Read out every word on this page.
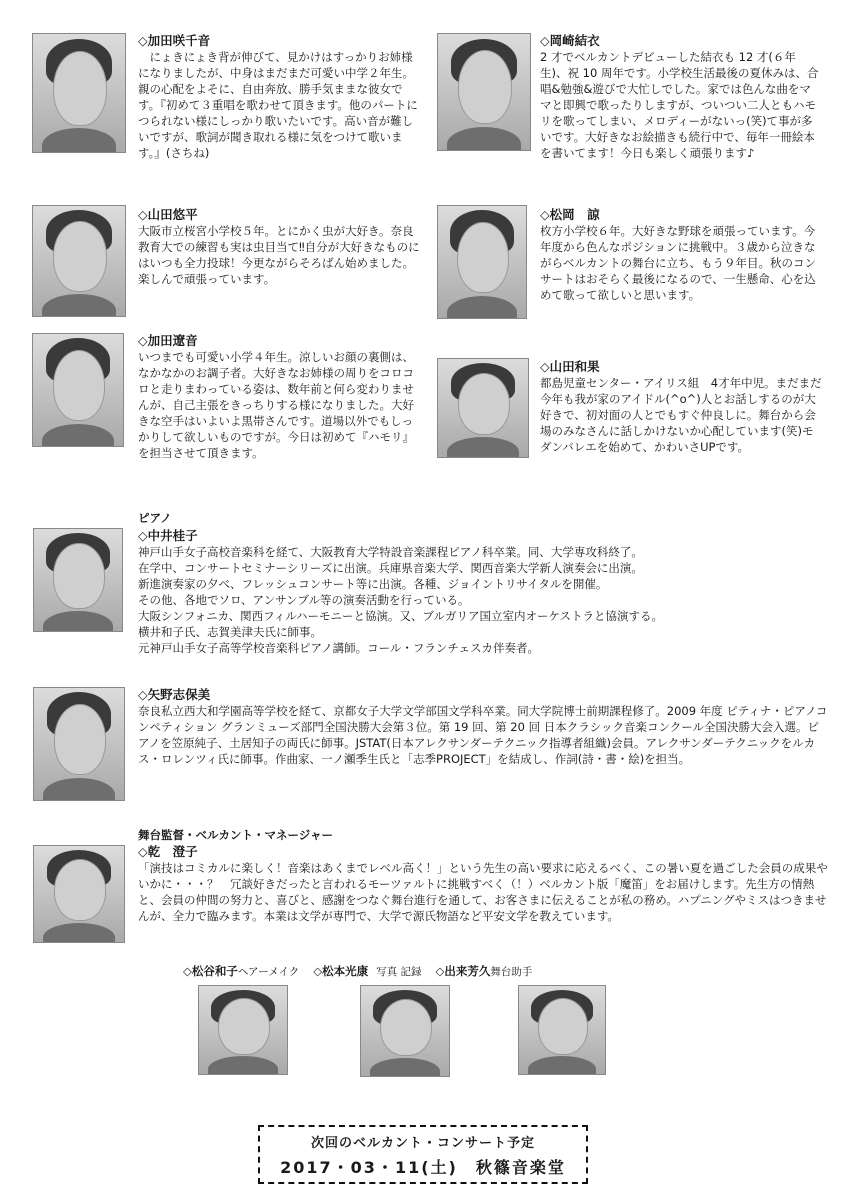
◇加田咲千音
　にょきにょき背が伸びて、見かけはすっかりお姉様になりましたが、中身はまだまだ可愛い中学２年生。親の心配をよそに、自由奔放、勝手気ままな彼女です。『初めて３重唱を歌わせて頂きます。他のパートにつられない様にしっかり歌いたいです。高い音が難しいですが、歌詞が聞き取れる様に気をつけて歌います。』(さちね)
◇岡崎結衣
2 才でベルカントデビューした結衣も 12 才(６年生)、祝 10 周年です。小学校生活最後の夏休みは、合唱&勉強&遊びで大忙しでした。家では色んな曲をママと即興で歌ったりしますが、ついつい二人ともハモリを歌ってしまい、メロディーがないっ(笑)て事が多いです。大好きなお絵描きも続行中で、毎年一冊絵本を書いてます！今日も楽しく頑張ります♪
◇山田悠平
大阪市立桜宮小学校５年。とにかく虫が大好き。奈良教育大での練習も実は虫目当て‼自分が大好きなものにはいつも全力投球！今更ながらそろばん始めました。楽しんで頑張っています。
◇松岡　諒
枚方小学校６年。大好きな野球を頑張っています。今年度から色んなポジションに挑戦中。３歳から泣きながらベルカントの舞台に立ち、もう９年目。秋のコンサートはおそらく最後になるので、一生懸命、心を込めて歌って欲しいと思います。
◇加田遼音
いつまでも可愛い小学４年生。涼しいお顔の裏側は、なかなかのお調子者。大好きなお姉様の周りをコロコロと走りまわっている姿は、数年前と何ら変わりませんが、自己主張をきっちりする様になりました。大好きな空手はいよいよ黒帯さんです。道場以外でもしっかりして欲しいものですが。今日は初めて『ハモリ』を担当させて頂きます。
◇山田和果
都島児童センター・アイリス組　4才年中児。まだまだ今年も我が家のアイドル(^o^)人とお話しするのが大好きで、初対面の人とでもすぐ仲良しに。舞台から会場のみなさんに話しかけないか心配しています(笑)モダンバレエを始めて、かわいさUPです。
ピアノ
◇中井桂子
神戸山手女子高校音楽科を経て、大阪教育大学特設音楽課程ピアノ科卒業。同、大学専攻科終了。
在学中、コンサートセミナーシリーズに出演。兵庫県音楽大学、関西音楽大学新人演奏会に出演。
新進演奏家の夕べ、フレッシュコンサート等に出演。各種、ジョイントリサイタルを開催。
その他、各地でソロ、アンサンブル等の演奏活動を行っている。
大阪シンフォニカ、関西フィルハーモニーと協演。又、ブルガリア国立室内オーケストラと協演する。
横井和子氏、志賀美津夫氏に師事。
元神戸山手女子高等学校音楽科ピアノ講師。コール・フランチェスカ伴奏者。
◇矢野志保美
奈良私立西大和学園高等学校を経て、京都女子大学文学部国文学科卒業。同大学院博士前期課程修了。2009 年度 ピティナ・ピアノコンペティション グランミューズ部門全国決勝大会第３位。第 19 回、第 20 回 日本クラシック音楽コンクール全国決勝大会入選。ピアノを笠原純子、土居知子の両氏に師事。JSTAT(日本アレクサンダーテクニック指導者組織)会員。アレクサンダーテクニックをルカス・ロレンツィ氏に師事。作曲家、一ノ瀬季生氏と「志季PROJECT」を結成し、作詞(詩・書・絵)を担当。
舞台監督・ベルカント・マネージャー
◇乾　澄子
「演技はコミカルに楽しく！音楽はあくまでレベル高く！」という先生の高い要求に応えるべく、この暑い夏を過ごした会員の成果やいかに・・・？　冗談好きだったと言われるモーツァルトに挑戦すべく（！）ベルカント版「魔笛」をお届けします。先生方の情熱と、会員の仲間の努力と、喜びと、感謝をつなぐ舞台進行を通して、お客さまに伝えることが私の務め。ハプニングやミスはつきませんが、全力で臨みます。本業は文学が専門で、大学で源氏物語など平安文学を教えています。
◇松谷和子ヘアーメイク ◇松本光康 写真 記録 ◇出来芳久舞台助手
次回のベルカント・コンサート予定
2017・03・11(土)　秋篠音楽堂
